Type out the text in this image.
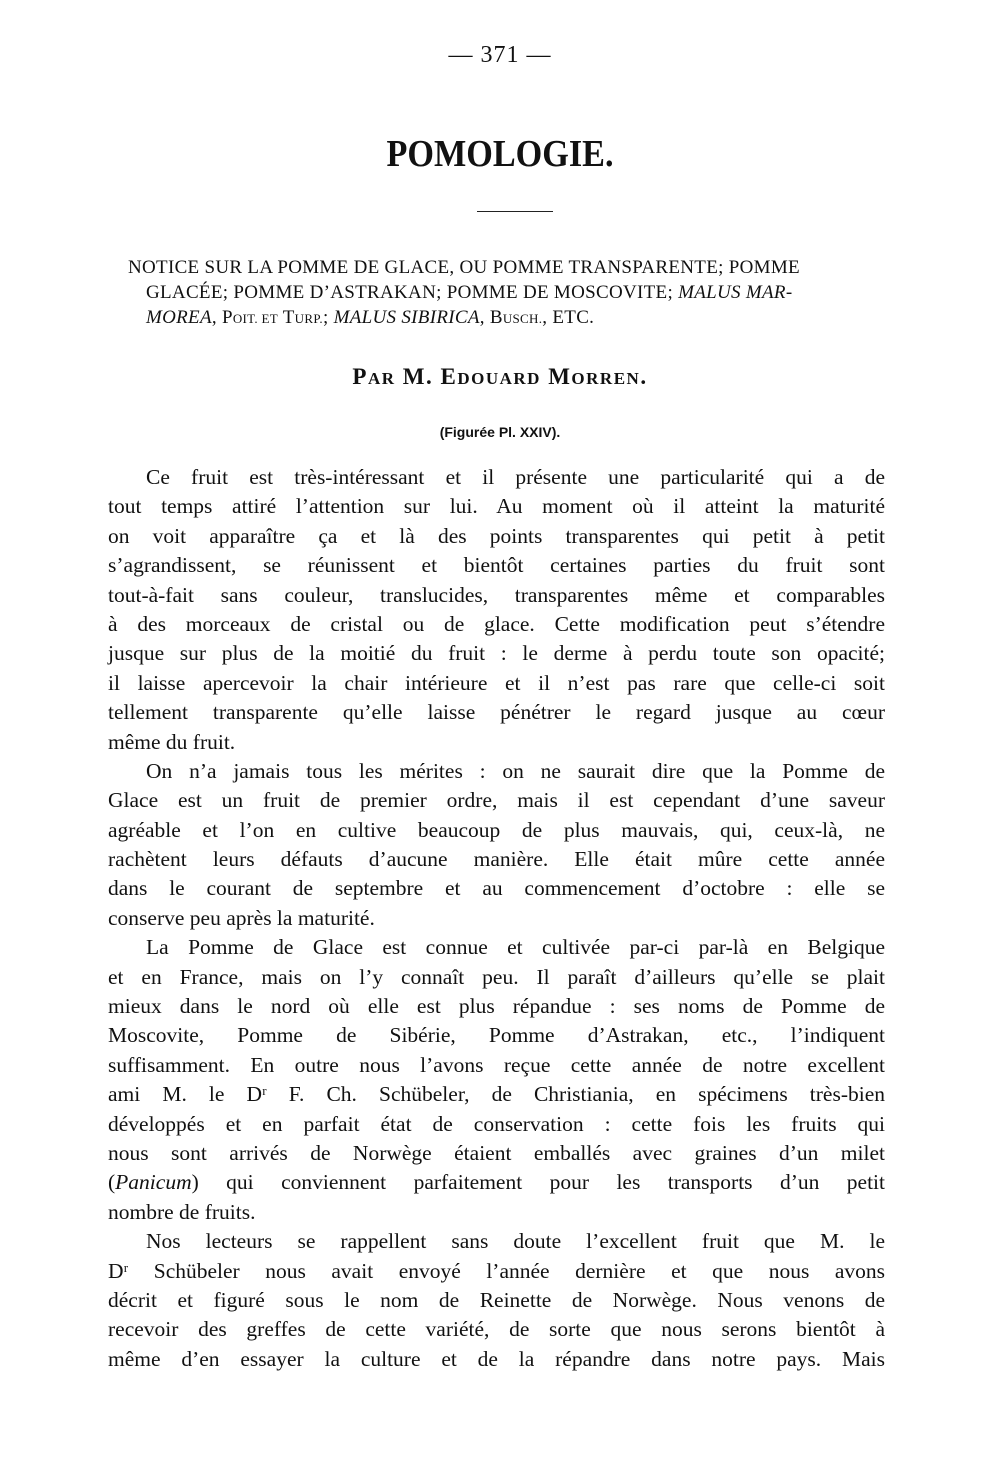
— 371 —
POMOLOGIE.
NOTICE SUR LA POMME DE GLACE, OU POMME TRANSPARENTE; POMME
GLACÉE; POMME D’ASTRAKAN; POMME DE MOSCOVITE; MALUS MAR-
MOREA, POIT. ET TURP.; MALUS SIBIRICA, BUSCH., ETC.
PAR M. EDOUARD MORREN.
(Figurée Pl. XXIV).
Ce fruit est très-intéressant et il présente une particularité qui a de
tout temps attiré l’attention sur lui. Au moment où il atteint la maturité
on voit apparaître ça et là des points transparentes qui petit à petit
s’agrandissent, se réunissent et bientôt certaines parties du fruit sont
tout-à-fait sans couleur, translucides, transparentes même et comparables
à des morceaux de cristal ou de glace. Cette modification peut s’étendre
jusque sur plus de la moitié du fruit : le derme à perdu toute son opacité;
il laisse apercevoir la chair intérieure et il n’est pas rare que celle-ci soit
tellement transparente qu’elle laisse pénétrer le regard jusque au cœur
même du fruit.
On n’a jamais tous les mérites : on ne saurait dire que la Pomme de
Glace est un fruit de premier ordre, mais il est cependant d’une saveur
agréable et l’on en cultive beaucoup de plus mauvais, qui, ceux-là, ne
rachètent leurs défauts d’aucune manière. Elle était mûre cette année
dans le courant de septembre et au commencement d’octobre : elle se
conserve peu après la maturité.
La Pomme de Glace est connue et cultivée par-ci par-là en Belgique
et en France, mais on l’y connaît peu. Il paraît d’ailleurs qu’elle se plait
mieux dans le nord où elle est plus répandue : ses noms de Pomme de
Moscovite, Pomme de Sibérie, Pomme d’Astrakan, etc., l’indiquent
suffisamment. En outre nous l’avons reçue cette année de notre excellent
ami M. le Dʳ F. Ch. Schübeler, de Christiania, en spécimens très-bien
développés et en parfait état de conservation : cette fois les fruits qui
nous sont arrivés de Norwège étaient emballés avec graines d’un milet
(Panicum) qui conviennent parfaitement pour les transports d’un petit
nombre de fruits.
Nos lecteurs se rappellent sans doute l’excellent fruit que M. le
Dʳ Schübeler nous avait envoyé l’année dernière et que nous avons
décrit et figuré sous le nom de Reinette de Norwège. Nous venons de
recevoir des greffes de cette variété, de sorte que nous serons bientôt à
même d’en essayer la culture et de la répandre dans notre pays. Mais
